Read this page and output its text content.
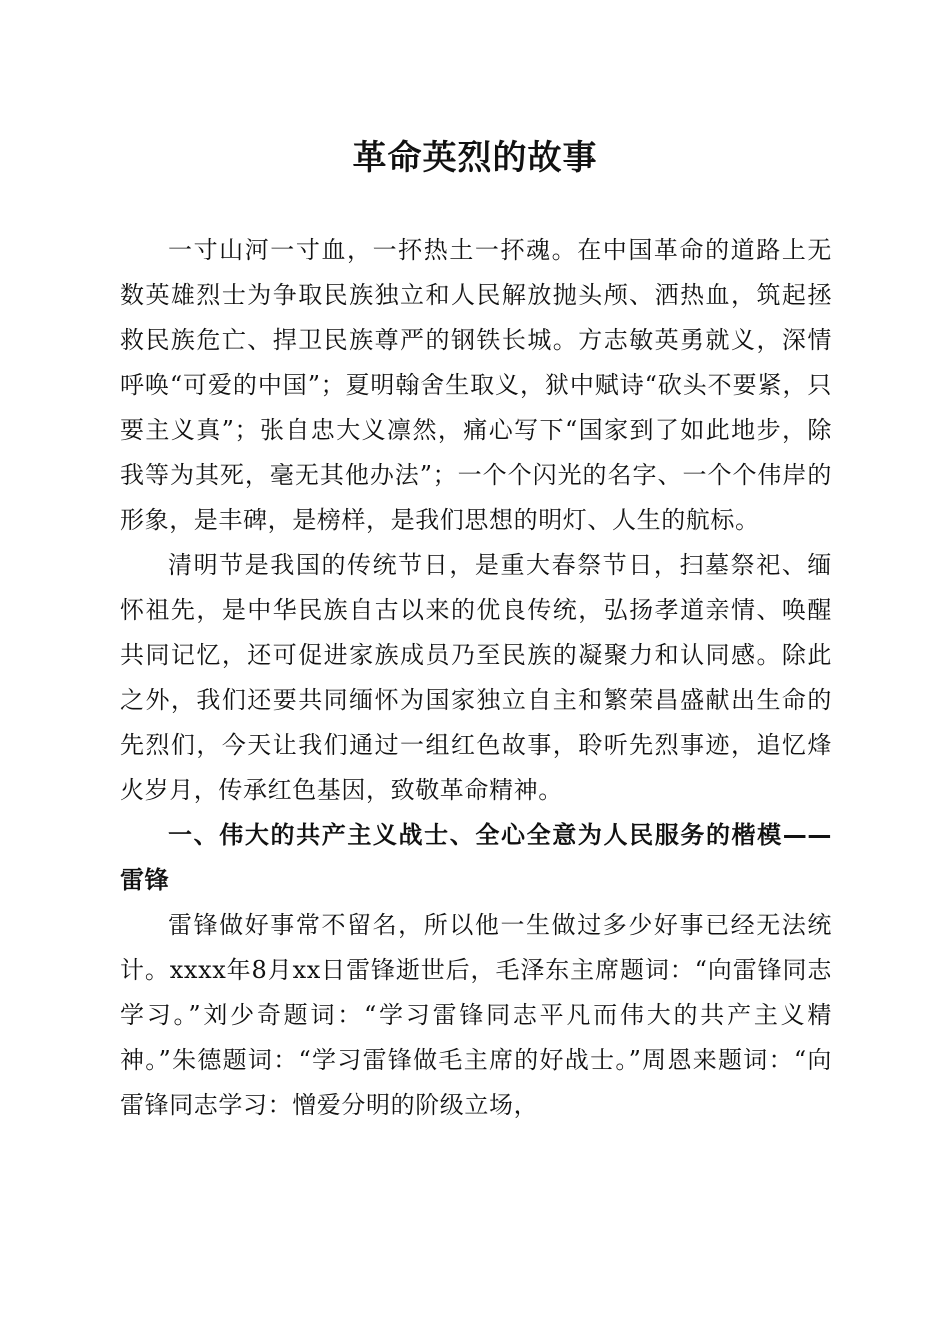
革命英烈的故事

一寸山河一寸血，一抔热土一抔魂。在中国革命的道路上无数英雄烈士为争取民族独立和人民解放抛头颅、洒热血，筑起拯救民族危亡、捍卫民族尊严的钢铁长城。方志敏英勇就义，深情呼唤“可爱的中国”；夏明翰舍生取义，狱中赋诗“砍头不要紧，只要主义真”；张自忠大义凛然，痛心写下“国家到了如此地步，除我等为其死，毫无其他办法”；一个个闪光的名字、一个个伟岸的形象，是丰碑，是榜样，是我们思想的明灯、人生的航标。

清明节是我国的传统节日，是重大春祭节日，扫墓祭祀、缅怀祖先，是中华民族自古以来的优良传统，弘扬孝道亲情、唤醒共同记忆，还可促进家族成员乃至民族的凝聚力和认同感。除此之外，我们还要共同缅怀为国家独立自主和繁荣昌盛献出生命的先烈们，今天让我们通过一组红色故事，聆听先烈事迹，追忆烽火岁月，传承红色基因，致敬革命精神。

一、伟大的共产主义战士、全心全意为人民服务的楷模——雷锋

雷锋做好事常不留名，所以他一生做过多少好事已经无法统计。xxxx年8月xx日雷锋逝世后，毛泽东主席题词：“向雷锋同志学习。”刘少奇题词：“学习雷锋同志平凡而伟大的共产主义精神。”朱德题词：“学习雷锋做毛主席的好战士。”周恩来题词：“向雷锋同志学习：憎爱分明的阶级立场，
